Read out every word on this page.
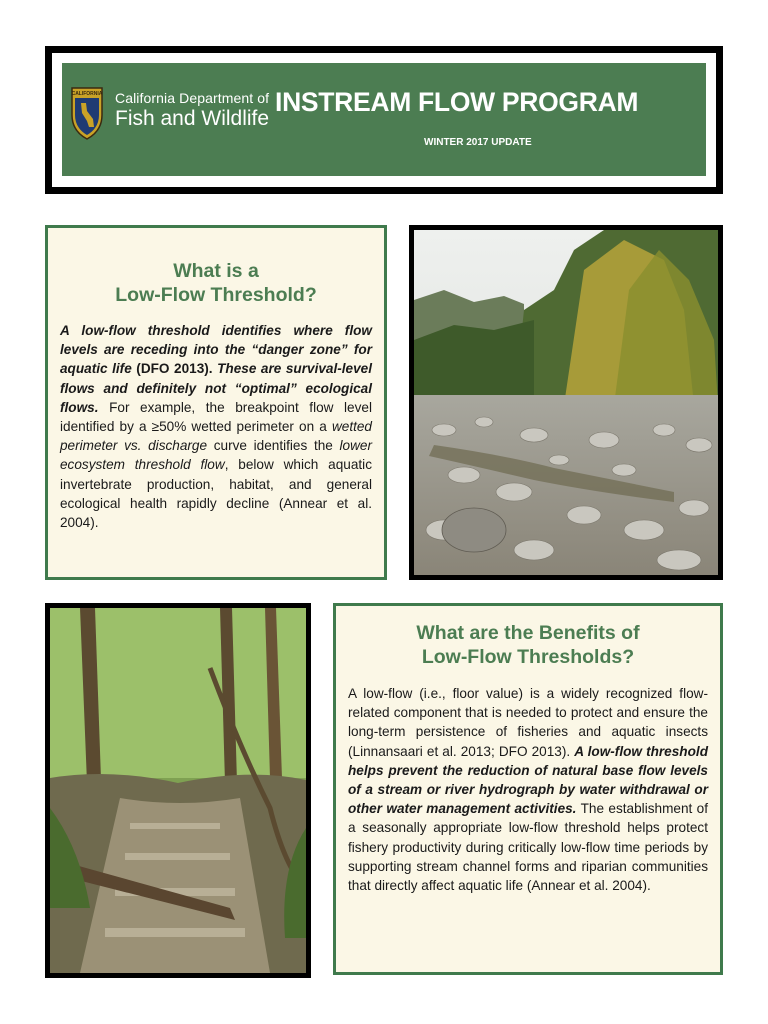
CALIFORNIA California Department of
Fish and Wildlife
INSTREAM FLOW PROGRAM
WINTER 2017 UPDATE
What is a
Low-Flow Threshold?
A low-flow threshold identifies where flow levels are receding into the “danger zone” for aquatic life (DFO 2013). These are survival-level flows and definitely not “optimal” ecological flows. For example, the breakpoint flow level identified by a ≥50% wetted perimeter on a wetted perimeter vs. discharge curve identifies the lower ecosystem threshold flow, below which aquatic invertebrate production, habitat, and general ecological health rapidly decline (Annear et al. 2004).
What are the Benefits of
Low-Flow Thresholds?
A low-flow (i.e., floor value) is a widely recognized flow-related component that is needed to protect and ensure the long-term persistence of fisheries and aquatic insects (Linnansaari et al. 2013; DFO 2013). A low-flow threshold helps prevent the reduction of natural base flow levels of a stream or river hydrograph by water withdrawal or other water management activities. The establishment of a seasonally appropriate low-flow threshold helps protect fishery productivity during critically low-flow time periods by supporting stream channel forms and riparian communities that directly affect aquatic life (Annear et al. 2004).
